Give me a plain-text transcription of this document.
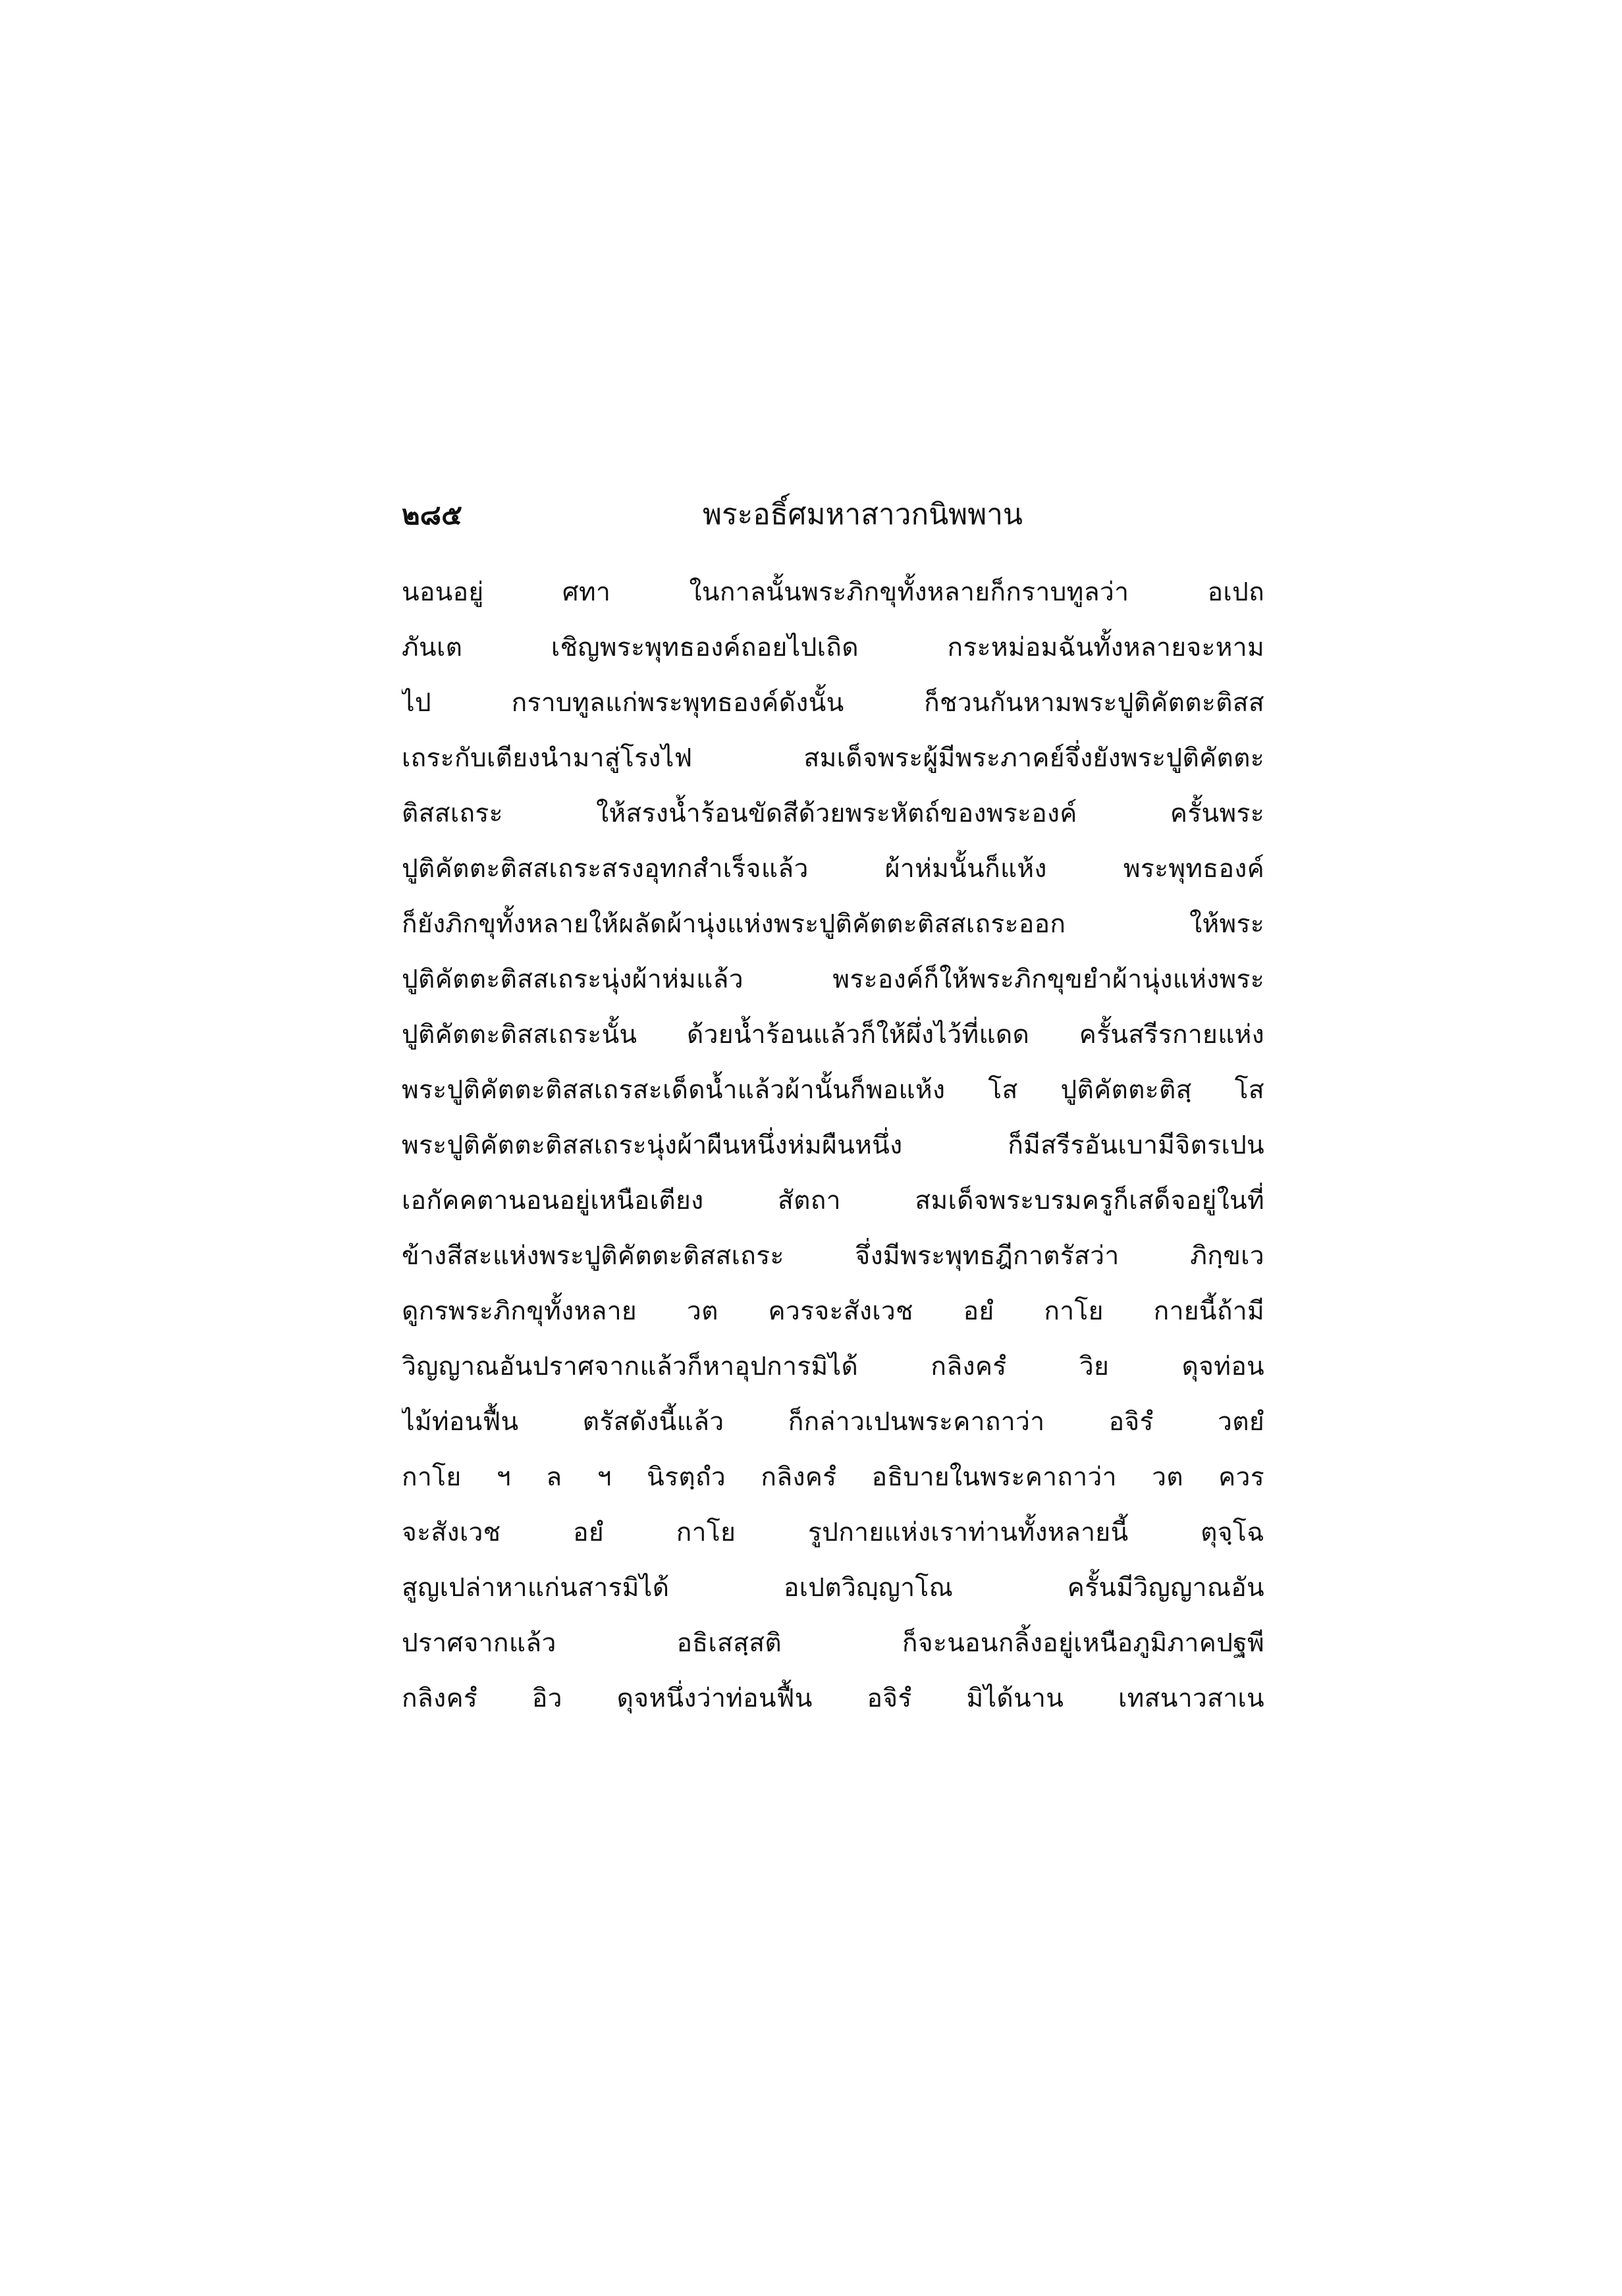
๒๘๕	พระอธิ์ศมหาสาวกนิพพาน
นอนอยู่ ศทา ในกาลนั้นพระภิกขุทั้งหลายก็กราบทูลว่า อเปถ
ภันเต เชิญพระพุทธองค์ถอยไปเถิด กระหม่อมฉันทั้งหลายจะหาม
ไป กราบทูลแก่พระพุทธองค์ดังนั้น ก็ชวนกันหามพระปูติคัตตะติสส
เถระกับเตียงนำมาสู่โรงไฟ สมเด็จพระผู้มีพระภาคย์จึ่งยังพระปูติคัตตะ
ติสสเถระ ให้สรงน้ำร้อนขัดสีด้วยพระหัตถ์ของพระองค์ ครั้นพระ
ปูติคัตตะติสสเถระสรงอุทกสำเร็จแล้ว ผ้าห่มนั้นก็แห้ง พระพุทธองค์
ก็ยังภิกขุทั้งหลายให้ผลัดผ้านุ่งแห่งพระปูติคัตตะติสสเถระออก ให้พระ
ปูติคัตตะติสสเถระนุ่งผ้าห่มแล้ว พระองค์ก็ให้พระภิกขุขยำผ้านุ่งแห่งพระ
ปูติคัตตะติสสเถระนั้น ด้วยน้ำร้อนแล้วก็ให้ผึ่งไว้ที่แดด ครั้นสรีรกายแห่ง
พระปูติคัตตะติสสเถรสะเด็ดน้ำแล้วผ้านั้นก็พอแห้ง โส ปูติคัตตะติสฺ โส
พระปูติคัตตะติสสเถระนุ่งผ้าผืนหนึ่งห่มผืนหนึ่ง ก็มีสรีรอันเบามีจิตรเปน
เอกัคคตานอนอยู่เหนือเตียง สัตถา สมเด็จพระบรมครูก็เสด็จอยู่ในที่
ข้างสีสะแห่งพระปูติคัตตะติสสเถระ จึ่งมีพระพุทธฎีกาตรัสว่า ภิกฺขเว
ดูกรพระภิกขุทั้งหลาย วต ควรจะสังเวช อยํ กาโย กายนี้ถ้ามี
วิญญาณอันปราศจากแล้วก็หาอุปการมิได้ กลิงครํ วิย ดุจท่อน
ไม้ท่อนฟื้น ตรัสดังนี้แล้ว ก็กล่าวเปนพระคาถาว่า อจิรํ วตยํ
กาโย ฯ ล ฯ นิรตฺถํว กลิงครํ อธิบายในพระคาถาว่า วต ควร
จะสังเวช อยํ กาโย รูปกายแห่งเราท่านทั้งหลายนี้ ตุจฺโฉ
สูญเปล่าหาแก่นสารมิได้ อเปตวิญฺญาโณ ครั้นมีวิญญาณอัน
ปราศจากแล้ว อธิเสสฺสติ ก็จะนอนกลิ้งอยู่เหนือภูมิภาคปฐพี
กลิงครํ อิว ดุจหนึ่งว่าท่อนฟื้น อจิรํ มิได้นาน เทสนาวสาเน
